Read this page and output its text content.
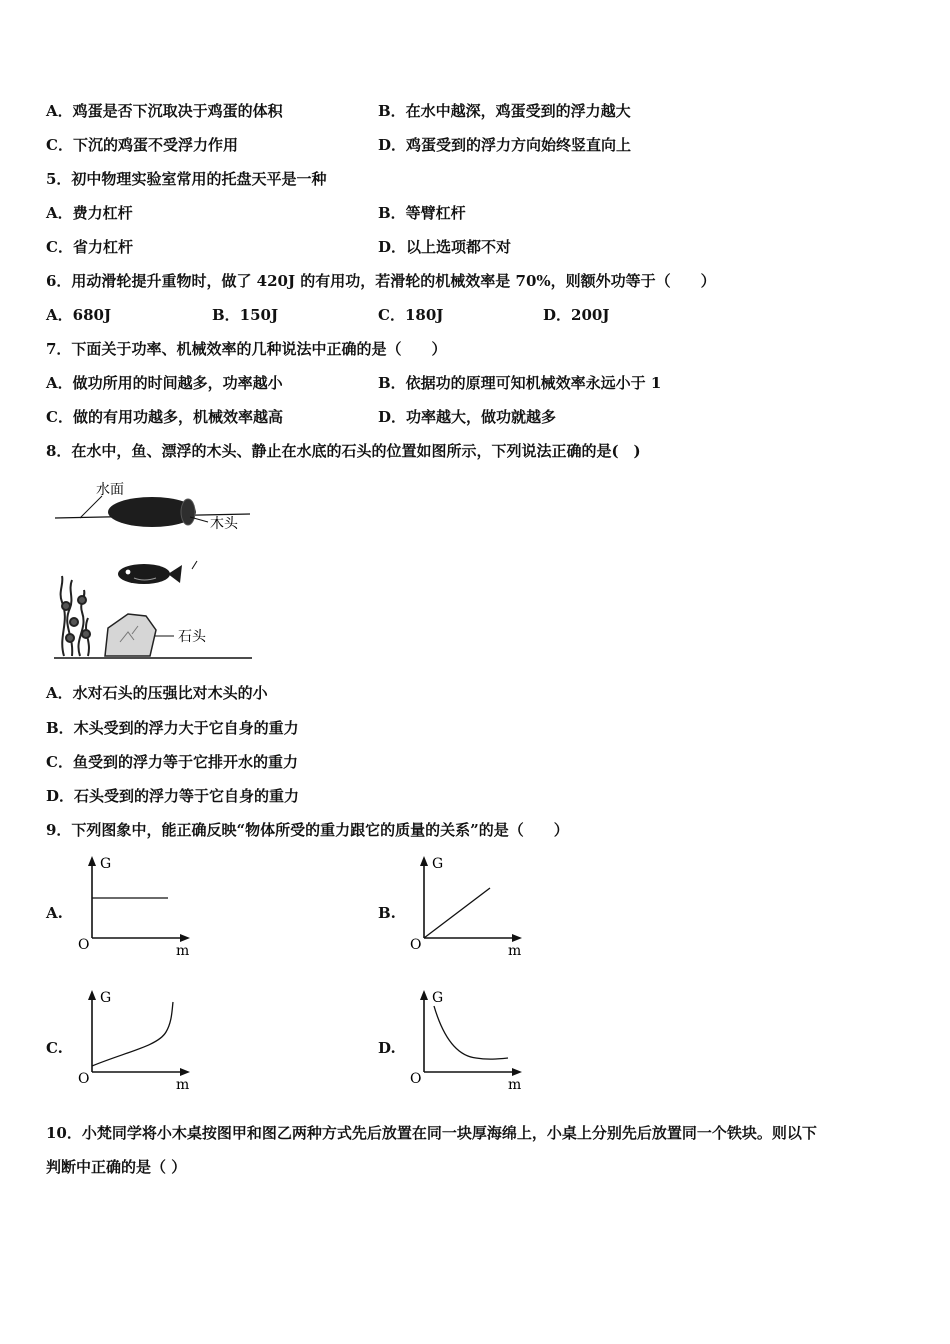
A．鸡蛋是否下沉取决于鸡蛋的体积	B．在水中越深，鸡蛋受到的浮力越大
C．下沉的鸡蛋不受浮力作用	D．鸡蛋受到的浮力方向始终竖直向上
5．初中物理实验室常用的托盘天平是一种
A．费力杠杆	B．等臂杠杆
C．省力杠杆	D．以上选项都不对
6．用动滑轮提升重物时，做了 420J 的有用功，若滑轮的机械效率是 70%，则额外功等于（　　）
A．680J	B．150J	C．180J	D．200J
7．下面关于功率、机械效率的几种说法中正确的是（　　）
A．做功所用的时间越多，功率越小	B．依据功的原理可知机械效率永远小于 1
C．做的有用功越多，机械效率越高	D．功率越大，做功就越多
8．在水中，鱼、漂浮的木头、静止在水底的石头的位置如图所示，下列说法正确的是(　)
水面
木头
石头
A．水对石头的压强比对木头的小
B．木头受到的浮力大于它自身的重力
C．鱼受到的浮力等于它排开水的重力
D．石头受到的浮力等于它自身的重力
9．下列图象中，能正确反映“物体所受的重力跟它的质量的关系”的是（　　）
A.
G
O	m
B.
G
O	m
C.
G
O	m
D.
G
O	m
10．小梵同学将小木桌按图甲和图乙两种方式先后放置在同一块厚海绵上，小桌上分别先后放置同一个铁块。则以下
判断中正确的是（ ）
